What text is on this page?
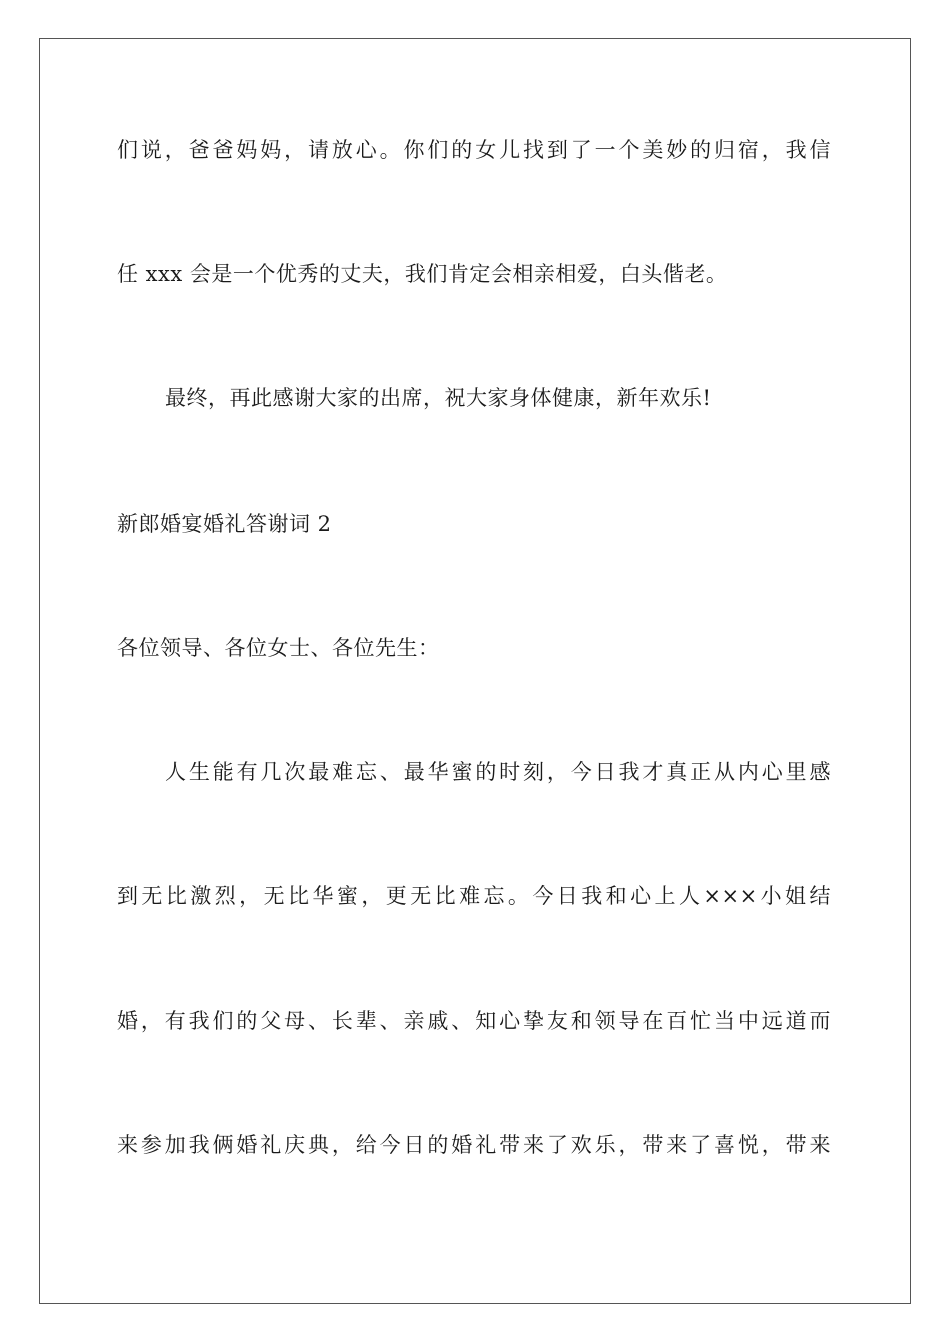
们说，爸爸妈妈，请放心。你们的女儿找到了一个美妙的归宿，我信
任 xxx 会是一个优秀的丈夫，我们肯定会相亲相爱，白头偕老。
最终，再此感谢大家的出席，祝大家身体健康，新年欢乐!
新郎婚宴婚礼答谢词 2
各位领导、各位女士、各位先生：
人生能有几次最难忘、最华蜜的时刻，今日我才真正从内心里感
到无比激烈，无比华蜜，更无比难忘。今日我和心上人×××小姐结
婚，有我们的父母、长辈、亲戚、知心挚友和领导在百忙当中远道而
来参加我俩婚礼庆典，给今日的婚礼带来了欢乐，带来了喜悦，带来
